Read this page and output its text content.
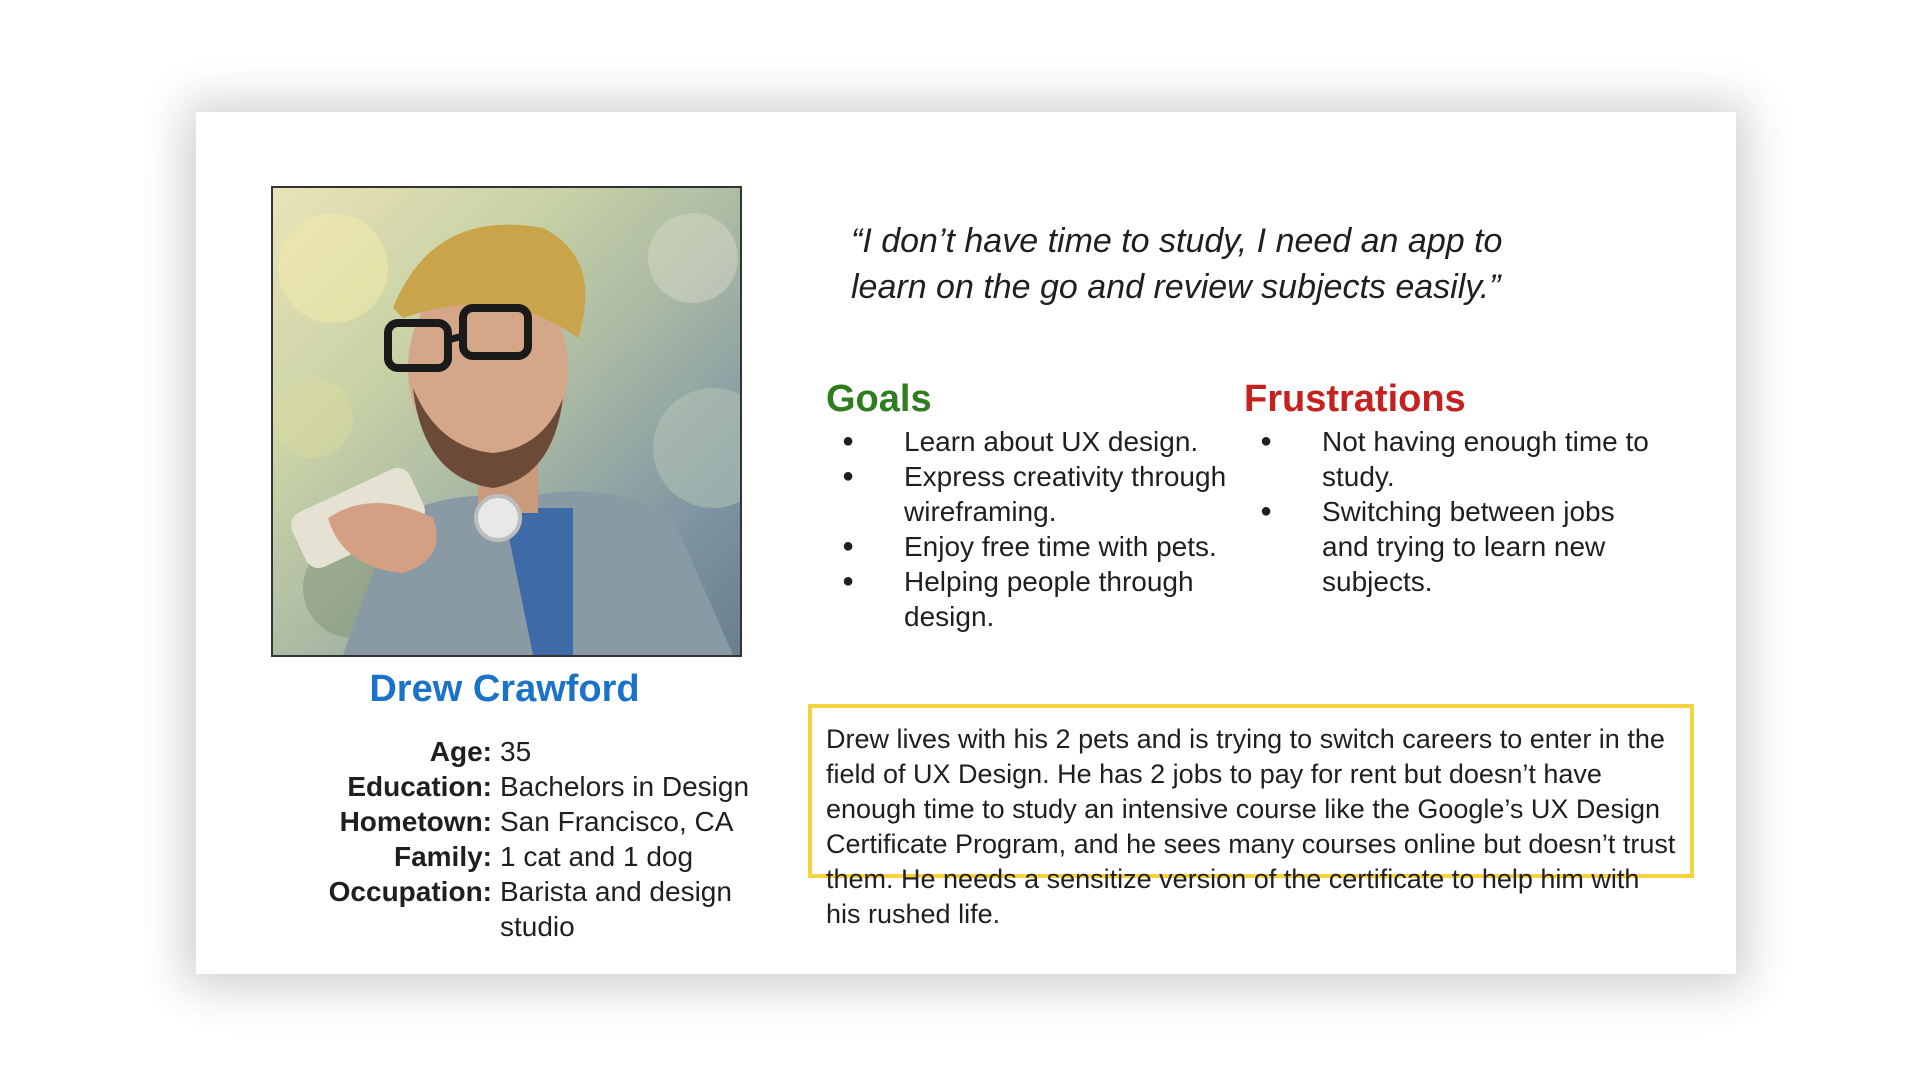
Drew Crawford
Age: 35
Education: Bachelors in Design
Hometown: San Francisco, CA
Family: 1 cat and 1 dog
Occupation: Barista and design studio
“I don’t have time to study, I need an app to learn on the go and review subjects easily.”
Goals
● Learn about UX design.
● Express creativity through wireframing.
● Enjoy free time with pets.
● Helping people through design.
Frustrations
● Not having enough time to study.
● Switching between jobs and trying to learn new subjects.
Drew lives with his 2 pets and is trying to switch careers to enter in the field of UX Design. He has 2 jobs to pay for rent but doesn’t have enough time to study an intensive course like the Google’s UX Design Certificate Program, and he sees many courses online but doesn’t trust them. He needs a sensitize version of the certificate to help him with his rushed life.
